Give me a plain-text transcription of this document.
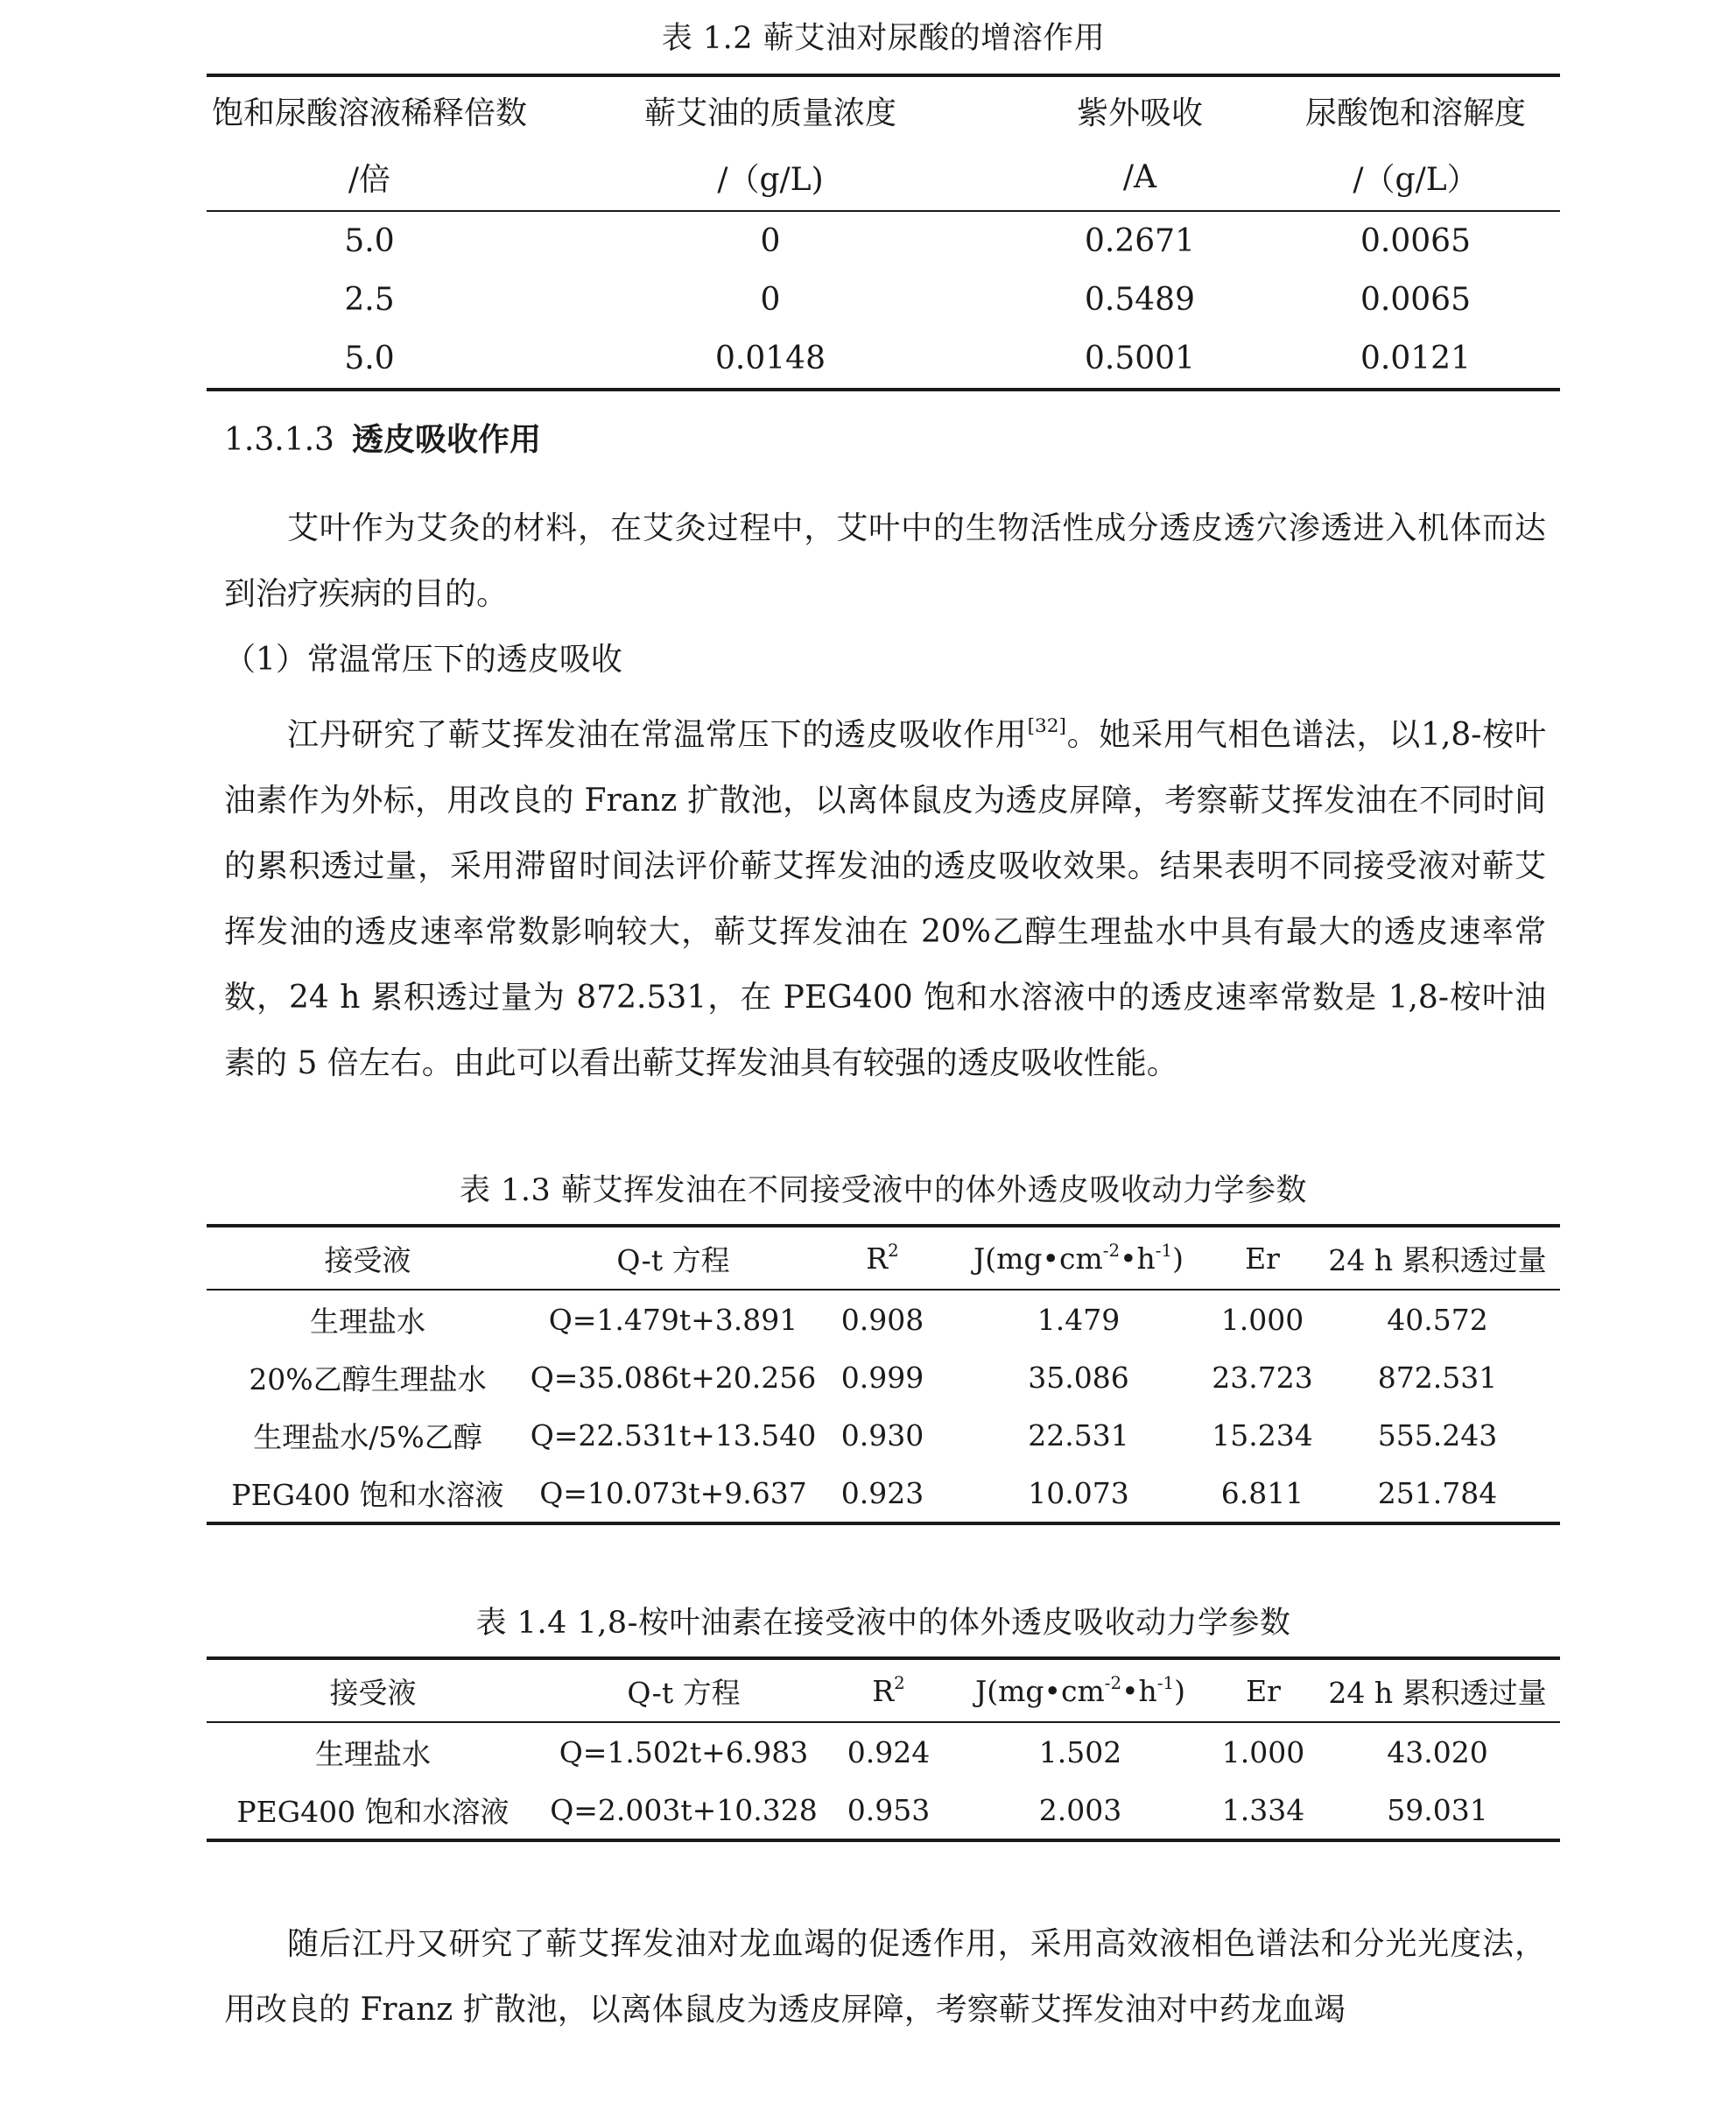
表 1.2 蕲艾油对尿酸的增溶作用
饱和尿酸溶液稀释倍数	蕲艾油的质量浓度	紫外吸收	尿酸饱和溶解度
/倍	/（g/L)	/A	/（g/L）
5.0	0	0.2671	0.0065
2.5	0	0.5489	0.0065
5.0	0.0148	0.5001	0.0121
1.3.1.3 透皮吸收作用

艾叶作为艾灸的材料，在艾灸过程中，艾叶中的生物活性成分透皮透穴渗透进入机体而达到治疗疾病的目的。

（1）常温常压下的透皮吸收

江丹研究了蕲艾挥发油在常温常压下的透皮吸收作用[32]。她采用气相色谱法，以1,8-桉叶油素作为外标，用改良的 Franz 扩散池，以离体鼠皮为透皮屏障，考察蕲艾挥发油在不同时间的累积透过量，采用滞留时间法评价蕲艾挥发油的透皮吸收效果。结果表明不同接受液对蕲艾挥发油的透皮速率常数影响较大，蕲艾挥发油在 20%乙醇生理盐水中具有最大的透皮速率常数，24 h 累积透过量为 872.531，在 PEG400 饱和水溶液中的透皮速率常数是 1,8-桉叶油素的 5 倍左右。由此可以看出蕲艾挥发油具有较强的透皮吸收性能。

表 1.3 蕲艾挥发油在不同接受液中的体外透皮吸收动力学参数
接受液	Q-t 方程	$R^2$	$J(mg•cm^{-2}•h^{-1})$	Er	24 h 累积透过量
生理盐水	Q=1.479t+3.891	0.908	1.479	1.000	40.572
20%乙醇生理盐水	Q=35.086t+20.256	0.999	35.086	23.723	872.531
生理盐水/5%乙醇	Q=22.531t+13.540	0.930	22.531	15.234	555.243
PEG400 饱和水溶液	Q=10.073t+9.637	0.923	10.073	6.811	251.784
表 1.4 1,8-桉叶油素在接受液中的体外透皮吸收动力学参数
接受液	Q-t 方程	$R^2$	$J(mg•cm^{-2}•h^{-1})$	Er	24 h 累积透过量
生理盐水	Q=1.502t+6.983	0.924	1.502	1.000	43.020
PEG400 饱和水溶液	Q=2.003t+10.328	0.953	2.003	1.334	59.031

随后江丹又研究了蕲艾挥发油对龙血竭的促透作用，采用高效液相色谱法和分光光度法，用改良的 Franz 扩散池，以离体鼠皮为透皮屏障，考察蕲艾挥发油对中药龙血竭
